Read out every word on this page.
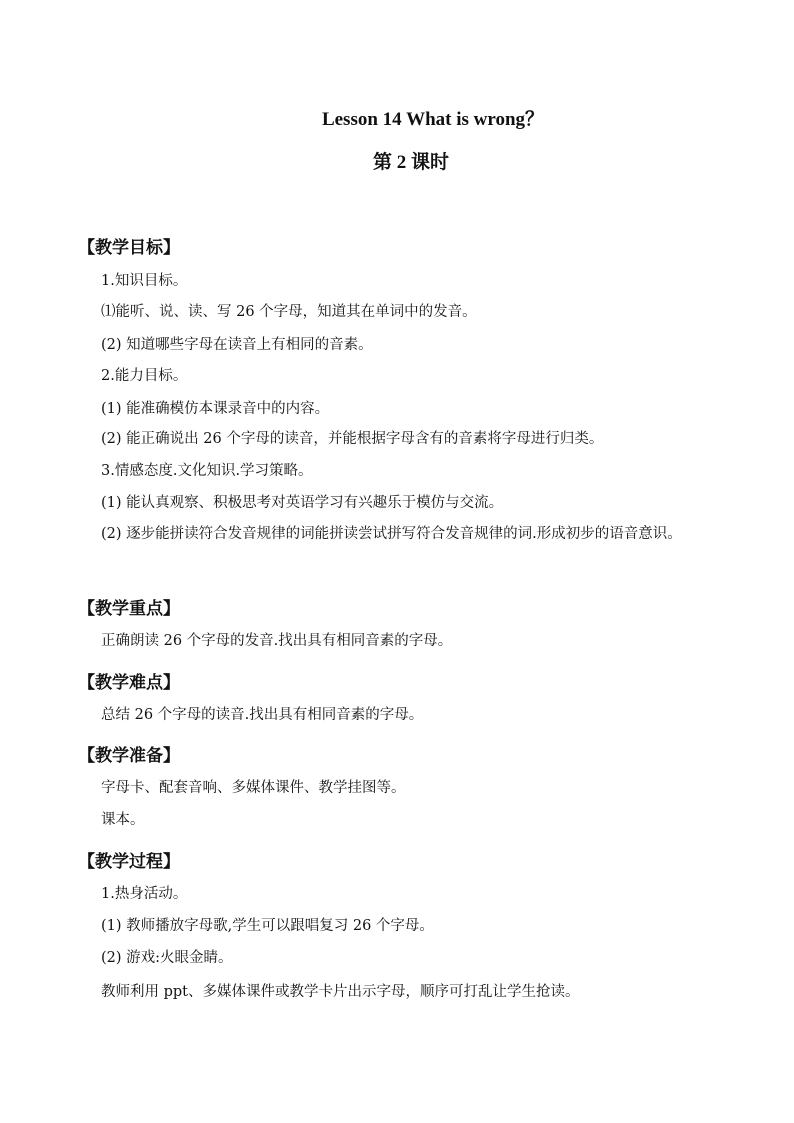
Lesson 14 What is wrong？
第 2 课时
【教学目标】
1.知识目标。
⑴能听、说、读、写 26 个字母，知道其在单词中的发音。
(2) 知道哪些字母在读音上有相同的音素。
2.能力目标。
(1) 能准确模仿本课录音中的内容。
(2) 能正确说出 26 个字母的读音，并能根据字母含有的音素将字母进行归类。
3.情感态度.文化知识.学习策略。
(1) 能认真观察、积极思考对英语学习有兴趣乐于模仿与交流。
(2) 逐步能拼读符合发音规律的词能拼读尝试拼写符合发音规律的词.形成初步的语音意识。
【教学重点】
正确朗读 26 个字母的发音.找出具有相同音素的字母。
【教学难点】
总结 26 个字母的读音.找出具有相同音素的字母。
【教学准备】
字母卡、配套音响、多媒体课件、教学挂图等。
课本。
【教学过程】
1.热身活动。
(1) 教师播放字母歌,学生可以跟唱复习 26 个字母。
(2) 游戏:火眼金睛。
教师利用 ppt、多媒体课件或教学卡片出示字母，顺序可打乱让学生抢读。
